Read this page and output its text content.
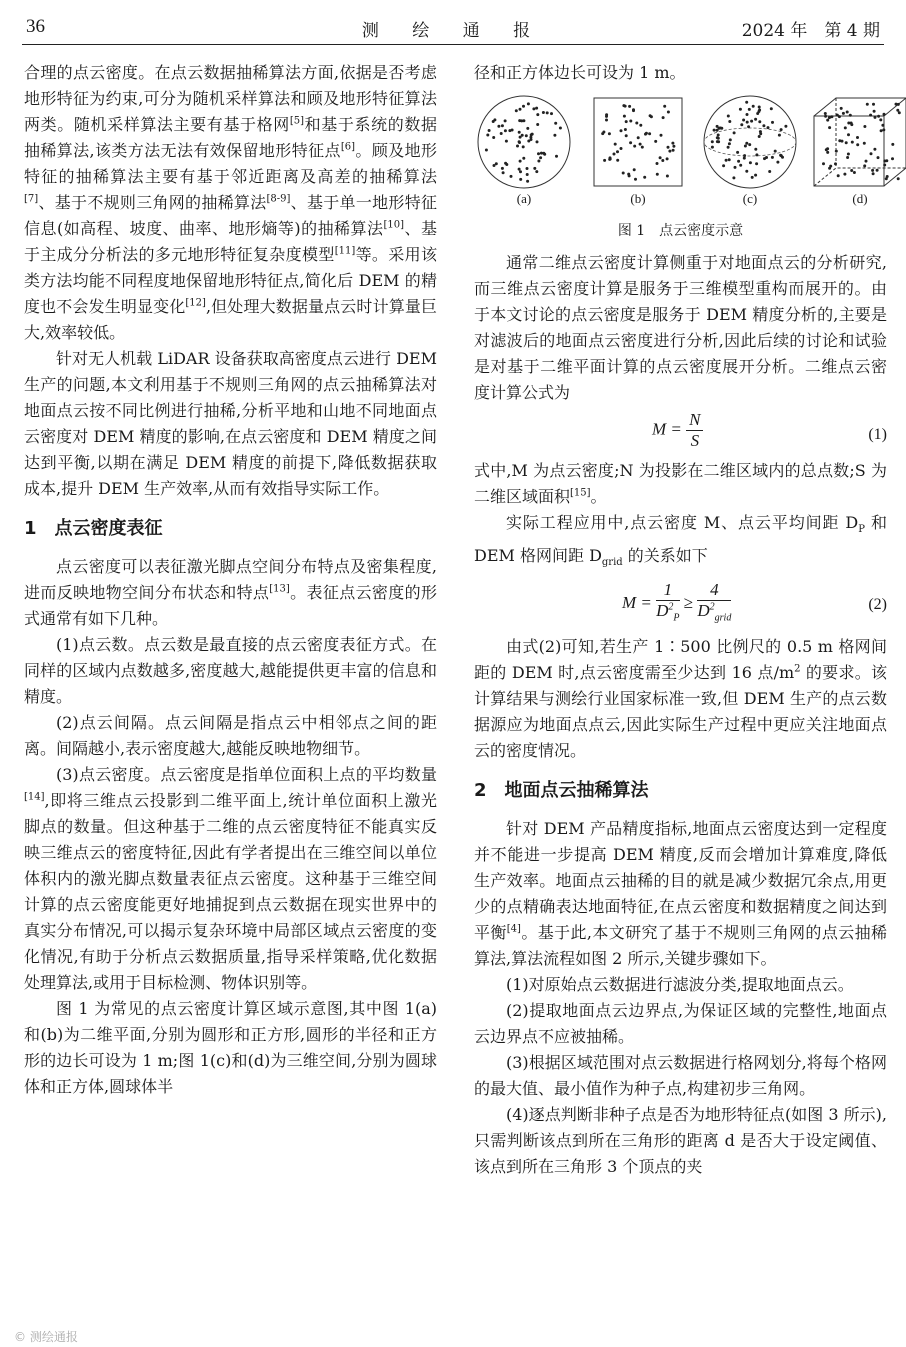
36	测 绘 通 报	2024 年　第 4 期

合理的点云密度。在点云数据抽稀算法方面,依据是否考虑地形特征为约束,可分为随机采样算法和顾及地形特征算法两类。随机采样算法主要有基于格网[5]和基于系统的数据抽稀算法,该类方法无法有效保留地形特征点[6]。顾及地形特征的抽稀算法主要有基于邻近距离及高差的抽稀算法[7]、基于不规则三角网的抽稀算法[8-9]、基于单一地形特征信息(如高程、坡度、曲率、地形熵等)的抽稀算法[10]、基于主成分分析法的多元地形特征复杂度模型[11]等。采用该类方法均能不同程度地保留地形特征点,简化后 DEM 的精度也不会发生明显变化[12],但处理大数据量点云时计算量巨大,效率较低。

针对无人机载 LiDAR 设备获取高密度点云进行 DEM 生产的问题,本文利用基于不规则三角网的点云抽稀算法对地面点云按不同比例进行抽稀,分析平地和山地不同地面点云密度对 DEM 精度的影响,在点云密度和 DEM 精度之间达到平衡,以期在满足 DEM 精度的前提下,降低数据获取成本,提升 DEM 生产效率,从而有效指导实际工作。

1　点云密度表征

点云密度可以表征激光脚点空间分布特点及密集程度,进而反映地物空间分布状态和特点[13]。表征点云密度的形式通常有如下几种。

(1)点云数。点云数是最直接的点云密度表征方式。在同样的区域内点数越多,密度越大,越能提供更丰富的信息和精度。

(2)点云间隔。点云间隔是指点云中相邻点之间的距离。间隔越小,表示密度越大,越能反映地物细节。

(3)点云密度。点云密度是指单位面积上点的平均数量[14],即将三维点云投影到二维平面上,统计单位面积上激光脚点的数量。但这种基于二维的点云密度特征不能真实反映三维点云的密度特征,因此有学者提出在三维空间以单位体积内的激光脚点数量表征点云密度。这种基于三维空间计算的点云密度能更好地捕捉到点云数据在现实世界中的真实分布情况,可以揭示复杂环境中局部区域点云密度的变化情况,有助于分析点云数据质量,指导采样策略,优化数据处理算法,或用于目标检测、物体识别等。

图 1 为常见的点云密度计算区域示意图,其中图 1(a)和(b)为二维平面,分别为圆形和正方形,圆形的半径和正方形的边长可设为 1 m;图 1(c)和(d)为三维空间,分别为圆球体和正方体,圆球体半

径和正方体边长可设为 1 m。

(a)	(b)	(c)	(d)
图 1　点云密度示意

通常二维点云密度计算侧重于对地面点云的分析研究,而三维点云密度计算是服务于三维模型重构而展开的。由于本文讨论的点云密度是服务于 DEM 精度分析的,主要是对滤波后的地面点云密度进行分析,因此后续的讨论和试验是对基于二维平面计算的点云密度展开分析。二维点云密度计算公式为

$M = \frac{N}{S}$	(1)

式中,M 为点云密度;N 为投影在二维区域内的总点数;S 为二维区域面积[15]。

实际工程应用中,点云密度 M、点云平均间距 $D_P$ 和 DEM 格网间距 $D_{grid}$ 的关系如下

$M = \frac{1}{D^2_P} \ge \frac{4}{D^2_{grid}}$	(2)

由式(2)可知,若生产 1∶500 比例尺的 0.5 m 格网间距的 DEM 时,点云密度需至少达到 16 点$/m^2$ 的要求。该计算结果与测绘行业国家标准一致,但 DEM 生产的点云数据源应为地面点点云,因此实际生产过程中更应关注地面点云的密度情况。

2　地面点云抽稀算法

针对 DEM 产品精度指标,地面点云密度达到一定程度并不能进一步提高 DEM 精度,反而会增加计算难度,降低生产效率。地面点云抽稀的目的就是减少数据冗余点,用更少的点精确表达地面特征,在点云密度和数据精度之间达到平衡[4]。基于此,本文研究了基于不规则三角网的点云抽稀算法,算法流程如图 2 所示,关键步骤如下。

(1)对原始点云数据进行滤波分类,提取地面点云。

(2)提取地面点云边界点,为保证区域的完整性,地面点云边界点不应被抽稀。

(3)根据区域范围对点云数据进行格网划分,将每个格网的最大值、最小值作为种子点,构建初步三角网。

(4)逐点判断非种子点是否为地形特征点(如图 3 所示),只需判断该点到所在三角形的距离 d 是否大于设定阈值、该点到所在三角形 3 个顶点的夹

© 测绘通报
